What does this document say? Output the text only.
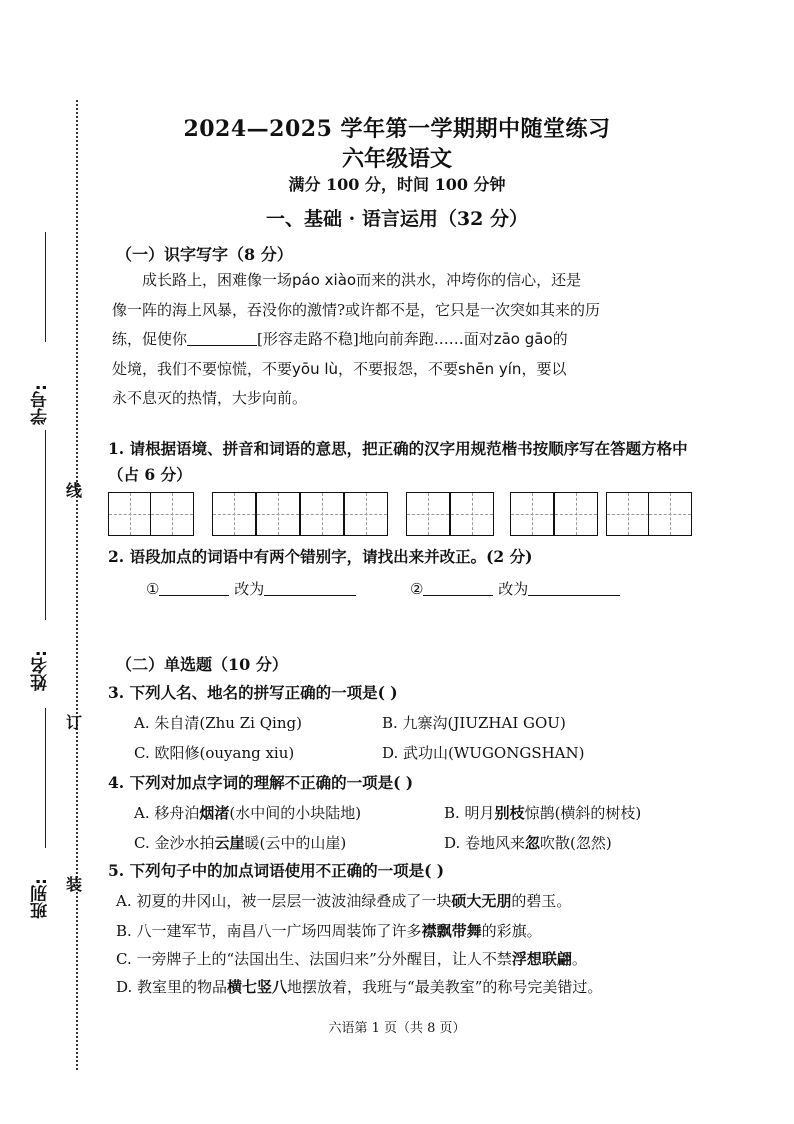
学号:
姓名:
班别:
线
订
装
2024—2025 学年第一学期期中随堂练习
六年级语文
满分 100 分，时间 100 分钟
一、基础 · 语言运用（32 分）
（一）识字写字（8 分）

成长路上，困难像一场páo xiào而来的洪水，冲垮你的信心，还是

像一阵的海上风暴，吞没你的激情?或许都不是，它只是一次突如其来的历

练，促使你	[形容走路不稳]地向前奔跑……面对zāo gāo的

处境，我们不要惊慌，不要yōu lù，不要报怨，不要shēn yín，要以

永不息灭的热情，大步向前。

1. 请根据语境、拼音和词语的意思，把正确的汉字用规范楷书按顺序写在答题方格中（占 6 分）
2. 语段加点的词语中有两个错别字，请找出来并改正。(2 分)
①	改为	②	改为
（二）单选题（10 分）
3. 下列人名、地名的拼写正确的一项是( )
A. 朱自清(Zhu Zi Qing)	B. 九寨沟(JIUZHAI GOU)
C. 欧阳修(ouyang xiu)	D. 武功山(WUGONGSHAN)
4. 下列对加点字词的理解不正确的一项是( )
A. 移舟泊烟渚(水中间的小块陆地)	B. 明月别枝惊鹊(横斜的树枝)
C. 金沙水拍云崖暖(云中的山崖)	D. 卷地风来忽吹散(忽然)
5. 下列句子中的加点词语使用不正确的一项是( )
A. 初夏的井冈山，被一层层一波波油绿叠成了一块硕大无朋的碧玉。
B. 八一建军节，南昌八一广场四周装饰了许多襟飘带舞的彩旗。
C. 一旁牌子上的“法国出生、法国归来”分外醒目，让人不禁浮想联翩。
D. 教室里的物品横七竖八地摆放着，我班与“最美教室”的称号完美错过。
六语第 1 页（共 8 页）
